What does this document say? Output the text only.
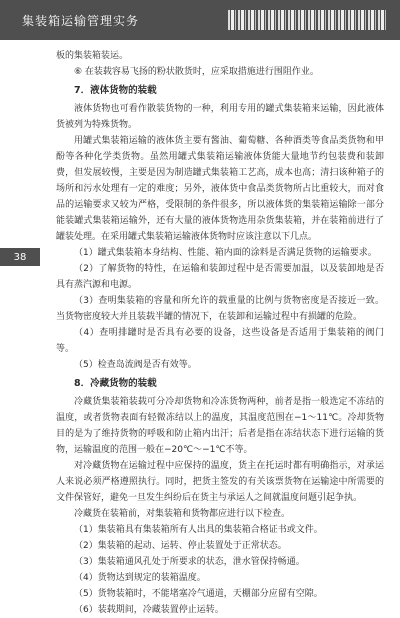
集装箱运输管理实务
38

板的集装箱装运。

⑥ 在装载容易飞扬的粉状散货时，应采取措施进行围阻作业。

7．液体货物的装载

液体货物也可看作散装货物的一种，利用专用的罐式集装箱来运输，因此液体货被列为特殊货物。

用罐式集装箱运输的液体货主要有酱油、葡萄糖、各种酒类等食品类货物和甲酚等各种化学类货物。虽然用罐式集装箱运输液体货能大量地节约包装费和装卸费，但发展较慢，主要是因为制造罐式集装箱工艺高，成本也高；清扫该种箱子的场所和污水处理有一定的难度；另外，液体货中食品类货物所占比重较大，而对食品的运输要求又较为严格，受限制的条件很多，所以液体货的集装箱运输除一部分能装罐式集装箱运输外，还有大量的液体货物选用杂货集装箱，并在装箱前进行了罐装处理。在采用罐式集装箱运输液体货物时应该注意以下几点。

（1）罐式集装箱本身结构、性能、箱内面的涂料是否满足货物的运输要求。

（2）了解货物的特性，在运输和装卸过程中是否需要加温，以及装卸地是否具有蒸汽源和电源。

（3）查明集装箱的容量和所允许的载重量的比例与货物密度是否接近一致。当货物密度较大并且装载半罐的情况下，在装卸和运输过程中有损罐的危险。

（4）查明排罐时是否具有必要的设备，这些设备是否适用于集装箱的阀门等。

（5）检查岛流阀是否有效等。

8．冷藏货物的装载

冷藏货集装箱装载可分冷却货物和冷冻货物两种，前者是指一般选定不冻结的温度，或者货物表面有轻微冻结以上的温度，其温度范围在−1～11℃。冷却货物目的是为了维持货物的呼吸和防止箱内出汗；后者是指在冻结状态下进行运输的货物，运输温度的范围一般在−20℃～−1℃不等。

对冷藏货物在运输过程中应保持的温度，货主在托运时都有明确指示，对承运人来说必须严格遵照执行。同时，把货主签发的有关该票货物在运输途中所需要的文件保管好，避免一旦发生纠纷后在货主与承运人之间就温度问题引起争执。

冷藏货在装箱前，对集装箱和货物都应进行以下检查。

（1）集装箱具有集装箱所有人出具的集装箱合格证书或文件。

（2）集装箱的起动、运转、停止装置处于正常状态。

（3）集装箱通风孔处于所要求的状态，泄水管保持畅通。

（4）货物达到规定的装箱温度。

（5）货物装箱时，不能堵塞冷气通道，天棚部分应留有空隙。

（6）装载期间，冷藏装置停止运转。
